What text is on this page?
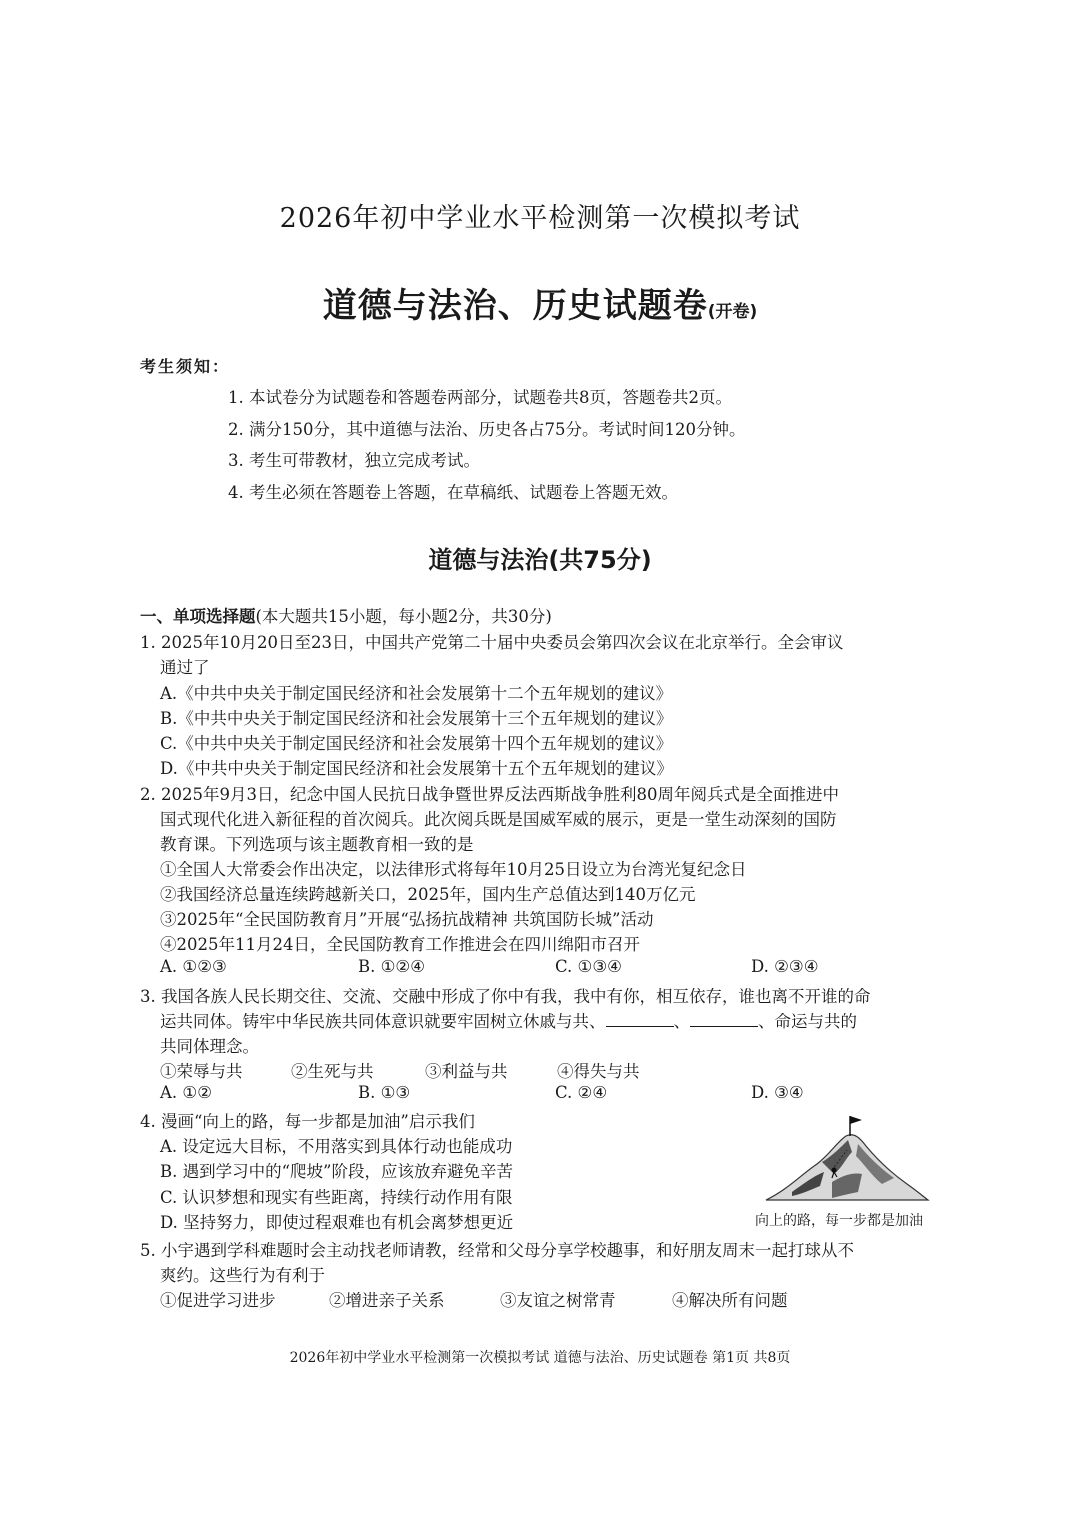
2026年初中学业水平检测第一次模拟考试
道德与法治、历史试题卷(开卷)
考生须知：
1. 本试卷分为试题卷和答题卷两部分，试题卷共8页，答题卷共2页。
2. 满分150分，其中道德与法治、历史各占75分。考试时间120分钟。
3. 考生可带教材，独立完成考试。
4. 考生必须在答题卷上答题，在草稿纸、试题卷上答题无效。
道德与法治(共75分)
一、单项选择题(本大题共15小题，每小题2分，共30分)
1. 2025年10月20日至23日，中国共产党第二十届中央委员会第四次会议在北京举行。全会审议
通过了
A.《中共中央关于制定国民经济和社会发展第十二个五年规划的建议》
B.《中共中央关于制定国民经济和社会发展第十三个五年规划的建议》
C.《中共中央关于制定国民经济和社会发展第十四个五年规划的建议》
D.《中共中央关于制定国民经济和社会发展第十五个五年规划的建议》
2. 2025年9月3日，纪念中国人民抗日战争暨世界反法西斯战争胜利80周年阅兵式是全面推进中
国式现代化进入新征程的首次阅兵。此次阅兵既是国威军威的展示，更是一堂生动深刻的国防
教育课。下列选项与该主题教育相一致的是
①全国人大常委会作出决定，以法律形式将每年10月25日设立为台湾光复纪念日
②我国经济总量连续跨越新关口，2025年，国内生产总值达到140万亿元
③2025年“全民国防教育月”开展“弘扬抗战精神 共筑国防长城”活动
④2025年11月24日，全民国防教育工作推进会在四川绵阳市召开
A. ①②③	B. ①②④	C. ①③④	D. ②③④
3. 我国各族人民长期交往、交流、交融中形成了你中有我，我中有你，相互依存，谁也离不开谁的命
运共同体。铸牢中华民族共同体意识就要牢固树立休戚与共、	、	、命运与共的
共同体理念。
①荣辱与共	②生死与共	③利益与共	④得失与共
A. ①②	B. ①③	C. ②④	D. ③④
4. 漫画“向上的路，每一步都是加油”启示我们
A. 设定远大目标，不用落实到具体行动也能成功
B. 遇到学习中的“爬坡”阶段，应该放弃避免辛苦
C. 认识梦想和现实有些距离，持续行动作用有限
D. 坚持努力，即使过程艰难也有机会离梦想更近	向上的路，每一步都是加油
5. 小宇遇到学科难题时会主动找老师请教，经常和父母分享学校趣事，和好朋友周末一起打球从不
爽约。这些行为有利于
①促进学习进步	②增进亲子关系	③友谊之树常青	④解决所有问题
2026年初中学业水平检测第一次模拟考试 道德与法治、历史试题卷 第1页 共8页
